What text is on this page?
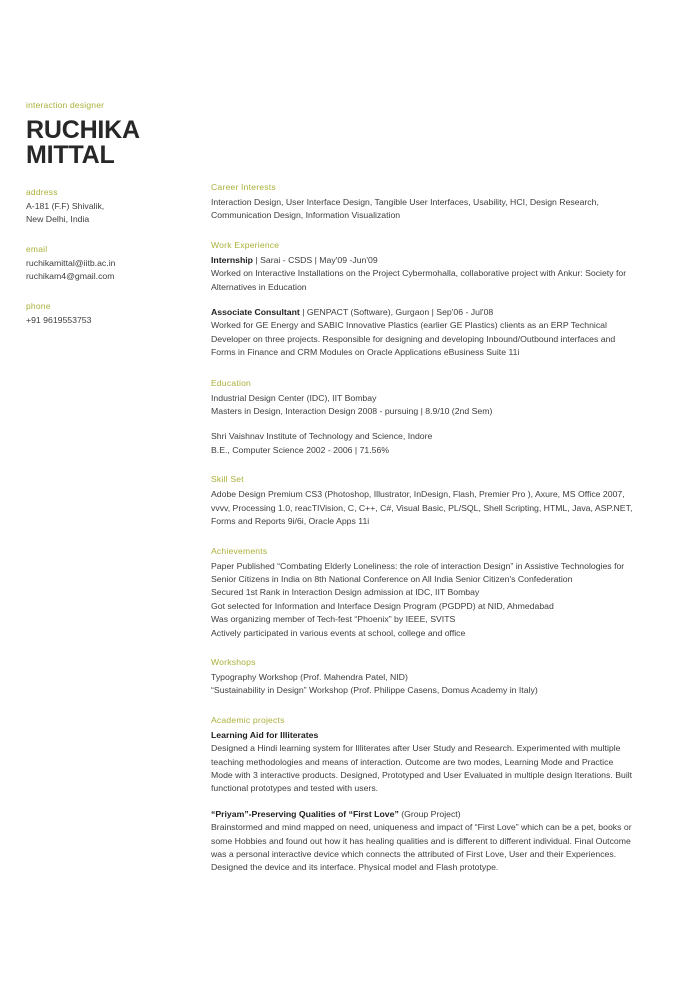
interaction designer
RUCHIKA
MITTAL
address
A-181 (F.F) Shivalik,
New Delhi, India
email
ruchikamittal@iitb.ac.in
ruchikam4@gmail.com
phone
+91 9619553753
Career Interests
Interaction Design, User Interface Design, Tangible User Interfaces, Usability, HCI, Design Research, Communication Design, Information Visualization
Work Experience
Internship | Sarai - CSDS | May'09 -Jun'09
Worked on Interactive Installations on the Project Cybermohalla, collaborative project with Ankur: Society for Alternatives in Education
Associate Consultant | GENPACT (Software), Gurgaon | Sep'06 - Jul'08
Worked for GE Energy and SABIC Innovative Plastics (earlier GE Plastics) clients as an ERP Technical Developer on three projects. Responsible for designing and developing Inbound/Outbound interfaces and Forms in Finance and CRM Modules on Oracle Applications eBusiness Suite 11i
Education
Industrial Design Center (IDC), IIT Bombay
Masters in Design, Interaction Design 2008 - pursuing | 8.9/10 (2nd Sem)
Shri Vaishnav Institute of Technology and Science, Indore
B.E., Computer Science 2002 - 2006 | 71.56%
Skill Set
Adobe Design Premium CS3 (Photoshop, Illustrator, InDesign, Flash, Premier Pro ), Axure, MS Office 2007, vvvv, Processing 1.0, reacTIVision, C, C++, C#, Visual Basic, PL/SQL, Shell Scripting, HTML, Java, ASP.NET, Forms and Reports 9i/6i, Oracle Apps 11i
Achievements
Paper Published “Combating Elderly Loneliness: the role of interaction Design” in Assistive Technologies for Senior Citizens in India on 8th National Conference on All India Senior Citizen's Confederation
Secured 1st Rank in Interaction Design admission at IDC, IIT Bombay
Got selected for Information and Interface Design Program (PGDPD) at NID, Ahmedabad
Was organizing member of Tech-fest “Phoenix” by IEEE, SVITS
Actively participated in various events at school, college and office
Workshops
Typography Workshop (Prof. Mahendra Patel, NID)
“Sustainability in Design” Workshop (Prof. Philippe Casens, Domus Academy in Italy)
Academic projects
Learning Aid for Illiterates
Designed a Hindi learning system for Illiterates after User Study and Research. Experimented with multiple teaching methodologies and means of interaction. Outcome are two modes, Learning Mode and Practice Mode with 3 interactive products. Designed, Prototyped and User Evaluated in multiple design Iterations. Built functional prototypes and tested with users.
“Priyam”-Preserving Qualities of “First Love” (Group Project)
Brainstormed and mind mapped on need, uniqueness and impact of “First Love” which can be a pet, books or some Hobbies and found out how it has healing qualities and is different to different individual. Final Outcome was a personal interactive device which connects the attributed of First Love, User and their Experiences. Designed the device and its interface. Physical model and Flash prototype.
